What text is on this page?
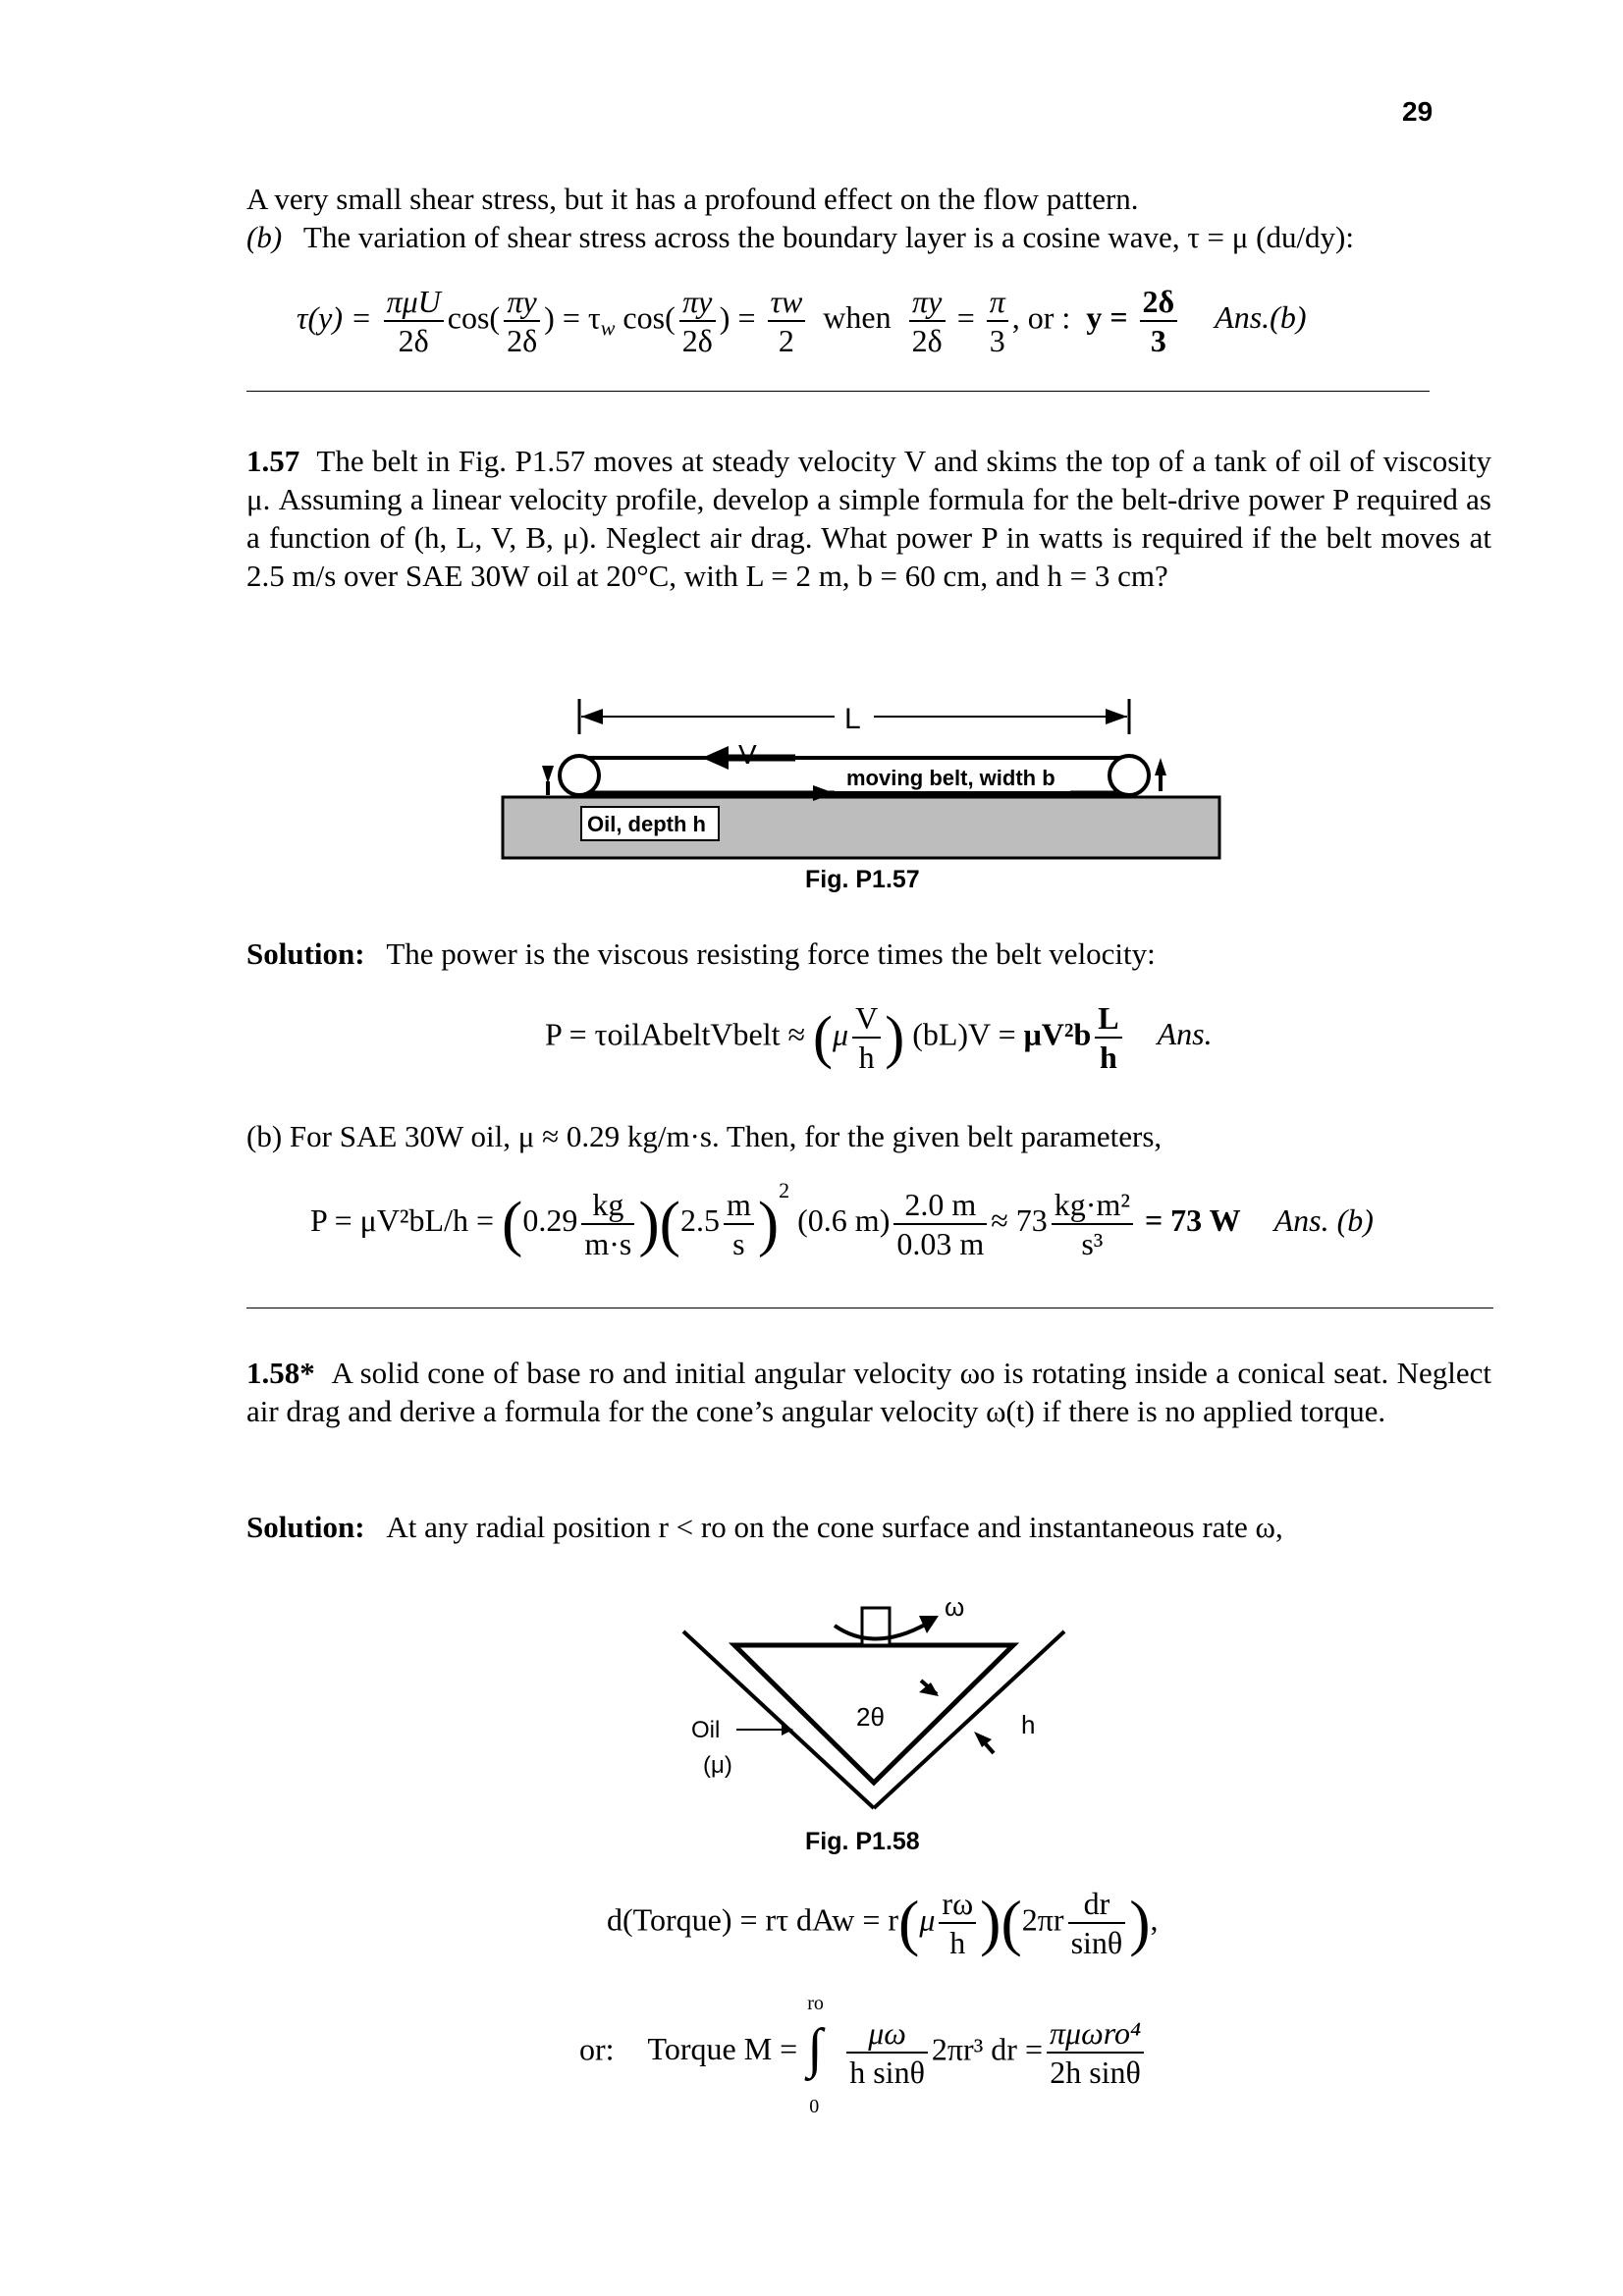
29
A very small shear stress, but it has a profound effect on the flow pattern.
(b) The variation of shear stress across the boundary layer is a cosine wave, τ = μ (du/dy):
$\tau(y) = \frac{\text{πμU}}{2\delta} \cos( \frac{\pi y}{2\delta}$ ) = $\tau_w$ $\cos( \frac{\pi y}{2\delta}$ ) = $\frac{\tau w}{2}$ when $\frac{\pi y}{2\delta} = \frac{\pi}{3}$ , or : $y = \frac{2\delta}{3} Ans.(b)$
1.57 The belt in Fig. P1.57 moves at steady velocity V and skims the top of a tank of oil of viscosity μ. Assuming a linear velocity profile, develop a simple formula for the belt-drive power P required as a function of (h, L, V, B, μ). Neglect air drag. What power P in watts is required if the belt moves at 2.5 m/s over SAE 30W oil at 20°C, with L = 2 m, b = 60 cm, and h = 3 cm?
L
V
moving belt, width b
Oil, depth h
Fig. P1.57
Solution: The power is the viscous resisting force times the belt velocity:
P = τoilAbeltVbelt ≈ ($\mu \frac{V}{h}$ ) $(bL)V = \mu V^2b \frac{L}{h}$ Ans.
(b) For SAE 30W oil, μ ≈ 0.29 kg/m·s. Then, for the given belt parameters,
$P = \mu V^2bL/h = (0.29 \frac{kg}{m\cdot s} )(2.5 \frac{m}{s} )^2$ (0.6 $m) \frac{2.0 m}{0.03 m} \approx 73 \frac{\text{kg·m²}}{\text{s³}} = 73$ W Ans. (b)
1.58* A solid cone of base ro and initial angular velocity ωo is rotating inside a conical seat. Neglect air drag and derive a formula for the cone’s angular velocity ω(t) if there is no applied torque.
Solution: At any radial position r < ro on the cone surface and instantaneous rate ω,
ω
2θ	h
Oil
(μ)
Fig. P1.58
d(Torque) = rτ dAw = $r(\mu \frac{r\omega}{h} )(2\pi r \frac{dr}{\sin\theta}$ ),
or: Torque M =
ro
∫
0

$\frac{\mu\omega}{\text{h sinθ}} 2\pi r^3$ dr = $\frac{\text{πμωro⁴}}{\text{2h sinθ}}$
